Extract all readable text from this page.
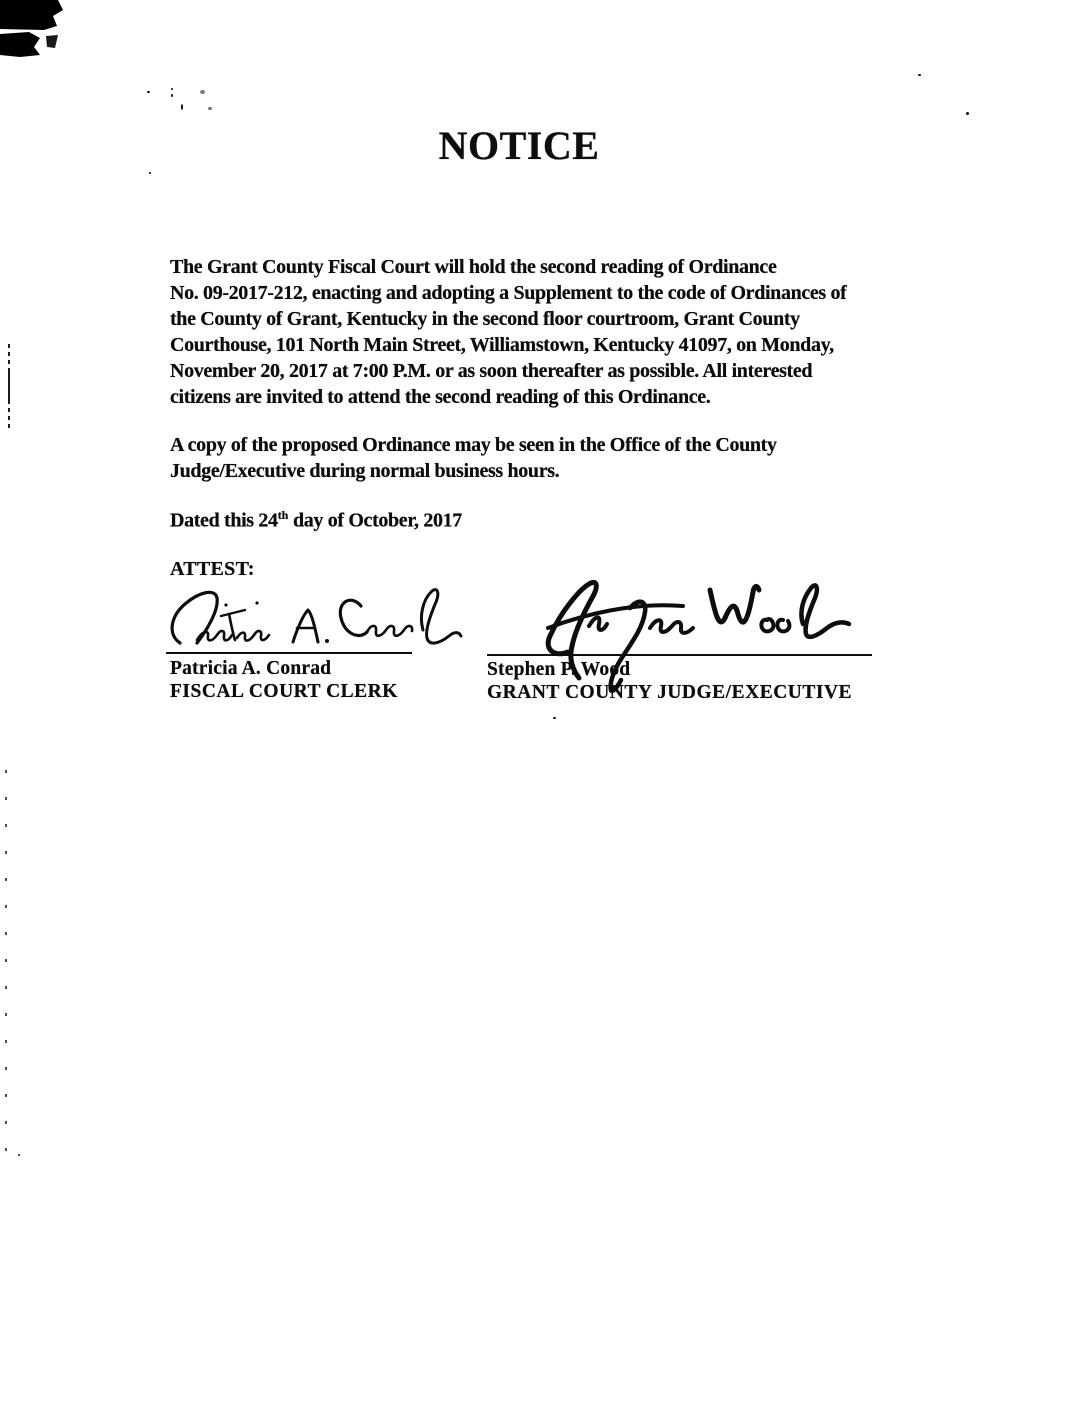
NOTICE
The Grant County Fiscal Court will hold the second reading of Ordinance
No. 09-2017-212, enacting and adopting a Supplement to the code of Ordinances of
the County of Grant, Kentucky in the second floor courtroom, Grant County
Courthouse, 101 North Main Street, Williamstown, Kentucky 41097, on Monday,
November 20, 2017 at 7:00 P.M. or as soon thereafter as possible. All interested
citizens are invited to attend the second reading of this Ordinance.
A copy of the proposed Ordinance may be seen in the Office of the County
Judge/Executive during normal business hours.
Dated this 24th day of October, 2017
ATTEST:
Patricia A. Conrad
FISCAL COURT CLERK
Stephen P. Wood
GRANT COUNTY JUDGE/EXECUTIVE
